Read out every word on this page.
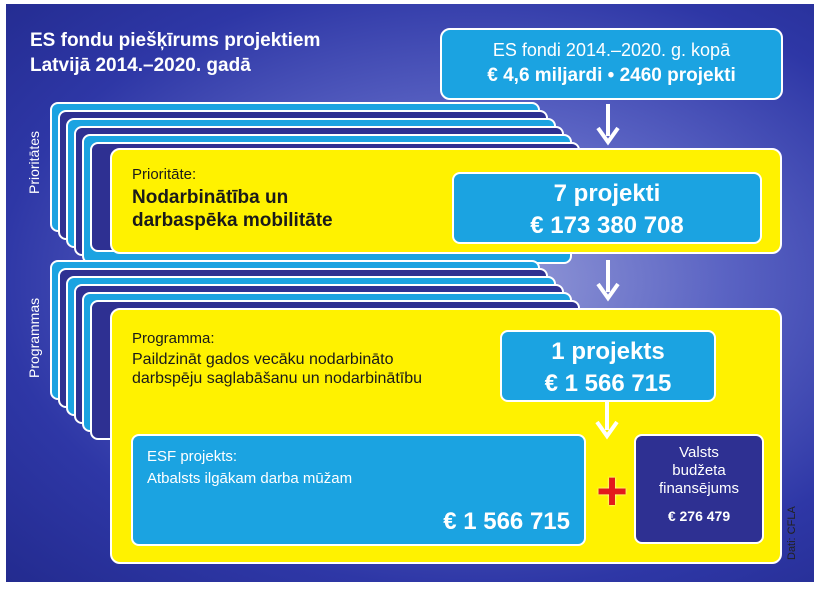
ES fondu piešķīrums projektiem
Latvijā 2014.–2020. gadā
ES fondi 2014.–2020. g. kopā
€ 4,6 miljardi • 2460 projekti
Prioritātes	Prioritāte:
Nodarbinātība un
darbaspēka mobilitāte
7 projekti
€ 173 380 708
Programmas	Programma:
Paildzināt gados vecāku nodarbināto
darbspēju saglabāšanu un nodarbinātību
1 projekts
€ 1 566 715
ESF projekts:
Atbalsts ilgākam darba mūžam
€ 1 566 715
+
Valsts
budžeta
finansējums
€ 276 479	Dati: CFLA
